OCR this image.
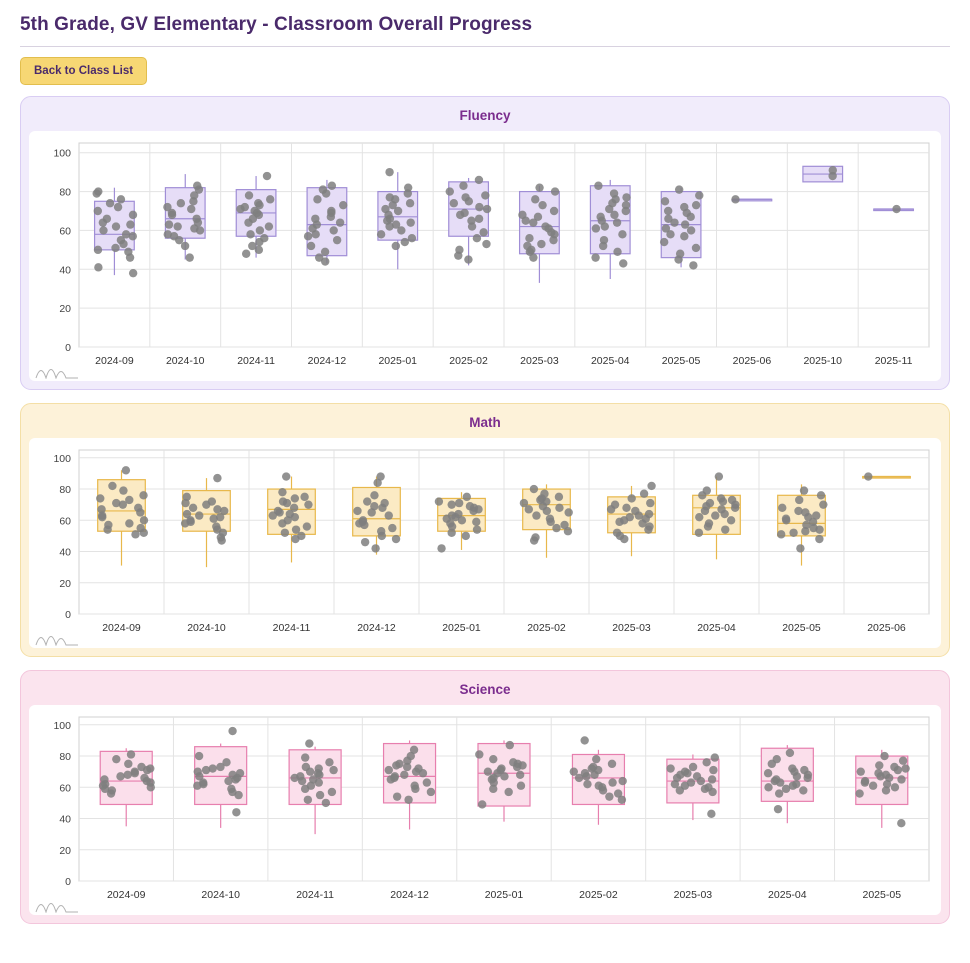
5th Grade, GV Elementary - Classroom Overall Progress
Back to Class List
Fluency
0
20
40
60
80
100
2024-09	2024-10	2024-11	2024-12	2025-01	2025-02	2025-03	2025-04	2025-05	2025-06	2025-10	2025-11
Math
0
20
40
60
80
100
2024-09	2024-10	2024-11	2024-12	2025-01	2025-02	2025-03	2025-04	2025-05	2025-06
Science
0
20
40
60
80
100
2024-09	2024-10	2024-11	2024-12	2025-01	2025-02	2025-03	2025-04	2025-05
